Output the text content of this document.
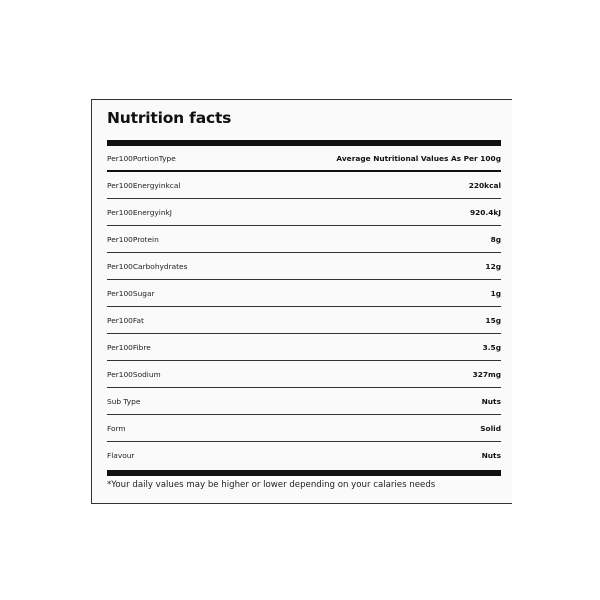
Nutrition facts
Per100PortionType	Average Nutritional Values As Per 100g
Per100Energyinkcal	220kcal
Per100EnergyinkJ	920.4kJ
Per100Protein	8g
Per100Carbohydrates	12g
Per100Sugar	1g
Per100Fat	15g
Per100Fibre	3.5g
Per100Sodium	327mg
Sub Type	Nuts
Form	Solid
Flavour	Nuts

*Your daily values may be higher or lower depending on your calaries needs
